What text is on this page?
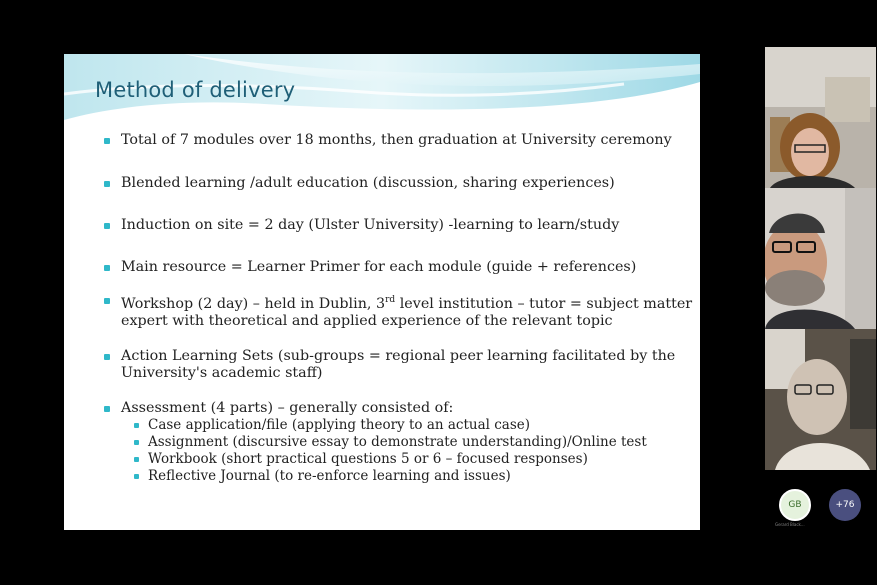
Method of delivery
Total of 7 modules over 18 months, then graduation at University ceremony
Blended learning /adult education (discussion, sharing experiences)
Induction on site = 2 day (Ulster University) -learning to learn/study
Main resource = Learner Primer for each module (guide + references)
Workshop (2 day) – held in Dublin, 3rd level institution – tutor = subject matter expert with theoretical and applied experience of the relevant topic
Action Learning Sets (sub-groups = regional peer learning facilitated by the University's academic staff)
Assessment (4 parts) – generally consisted of:
Case application/file (applying theory to an actual case)
Assignment (discursive essay to demonstrate understanding)/Online test
Workbook (short practical questions 5 or 6 – focused responses)
Reflective Journal (to re-enforce learning and issues)
GB
Gerard Black...
+76
